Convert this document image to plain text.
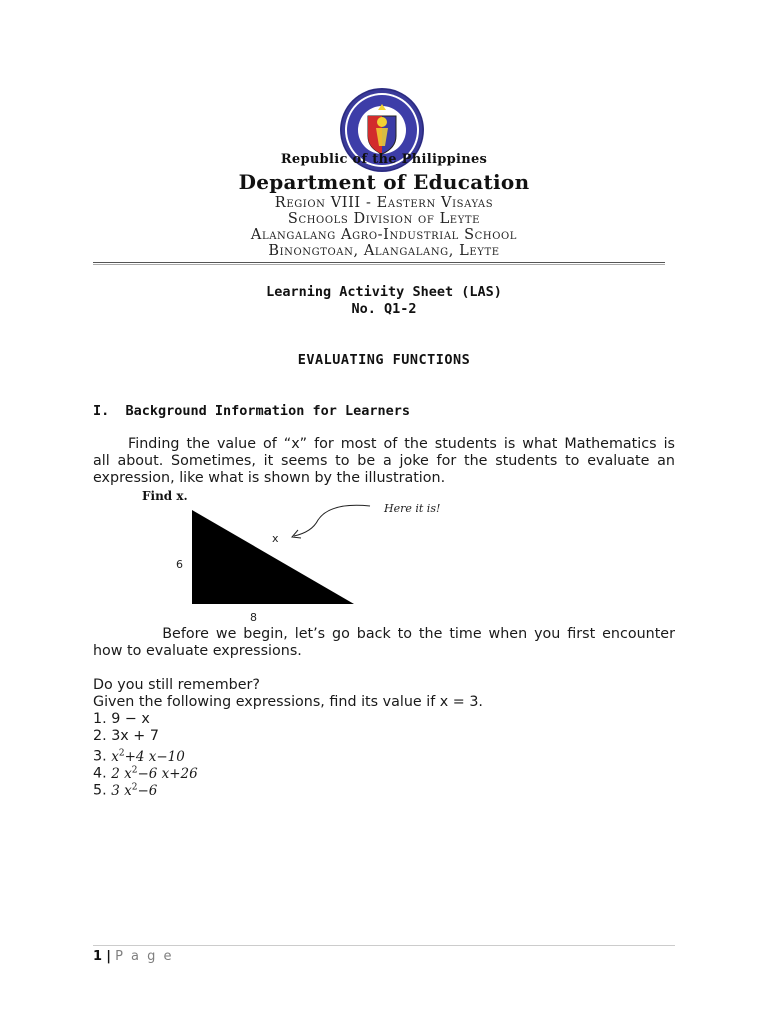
Republic of the Philippines
Department of Education
Region VIII - Eastern Visayas
Schools Division of Leyte
Alangalang Agro-Industrial School
Binongtoan, Alangalang, Leyte
Learning Activity Sheet (LAS)
No. Q1-2
EVALUATING FUNCTIONS
I.  Background Information for Learners
Finding the value of “x” for most of the students is what Mathematics is
all about. Sometimes, it seems to be a joke for the students to evaluate an
expression, like what is shown by the illustration.
Find x.
6
8
x
Here it is!
Before we begin, let’s go back to the time when you first encounter
how to evaluate expressions.
Do you still remember?
Given the following expressions, find its value if x = 3.
1. 9 − x
2. 3x + 7
3. $x^2+4$ x−10
4. 2 $x^2-6$ x+26
5. 3 $x^2-6$
1 | P a g e
